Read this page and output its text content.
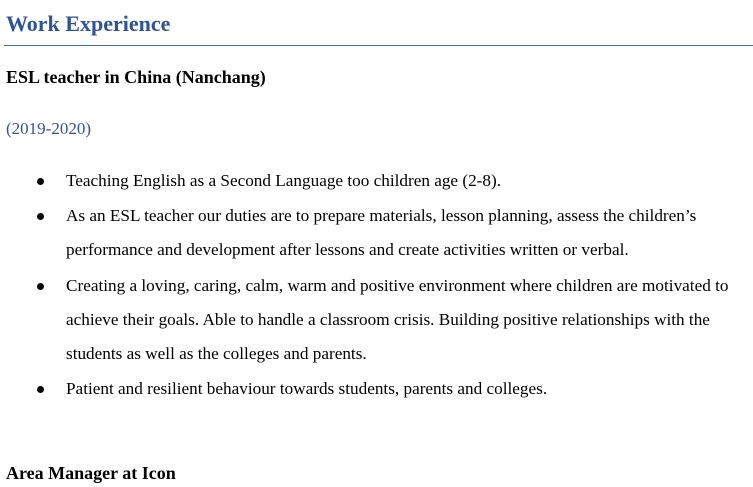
Work Experience
ESL teacher in China (Nanchang)
(2019-2020)
Teaching English as a Second Language too children age (2-8).
As an ESL teacher our duties are to prepare materials, lesson planning, assess the children’s performance and development after lessons and create activities written or verbal.
Creating a loving, caring, calm, warm and positive environment where children are motivated to achieve their goals. Able to handle a classroom crisis. Building positive relationships with the students as well as the colleges and parents.
Patient and resilient behaviour towards students, parents and colleges.
Area Manager at Icon
